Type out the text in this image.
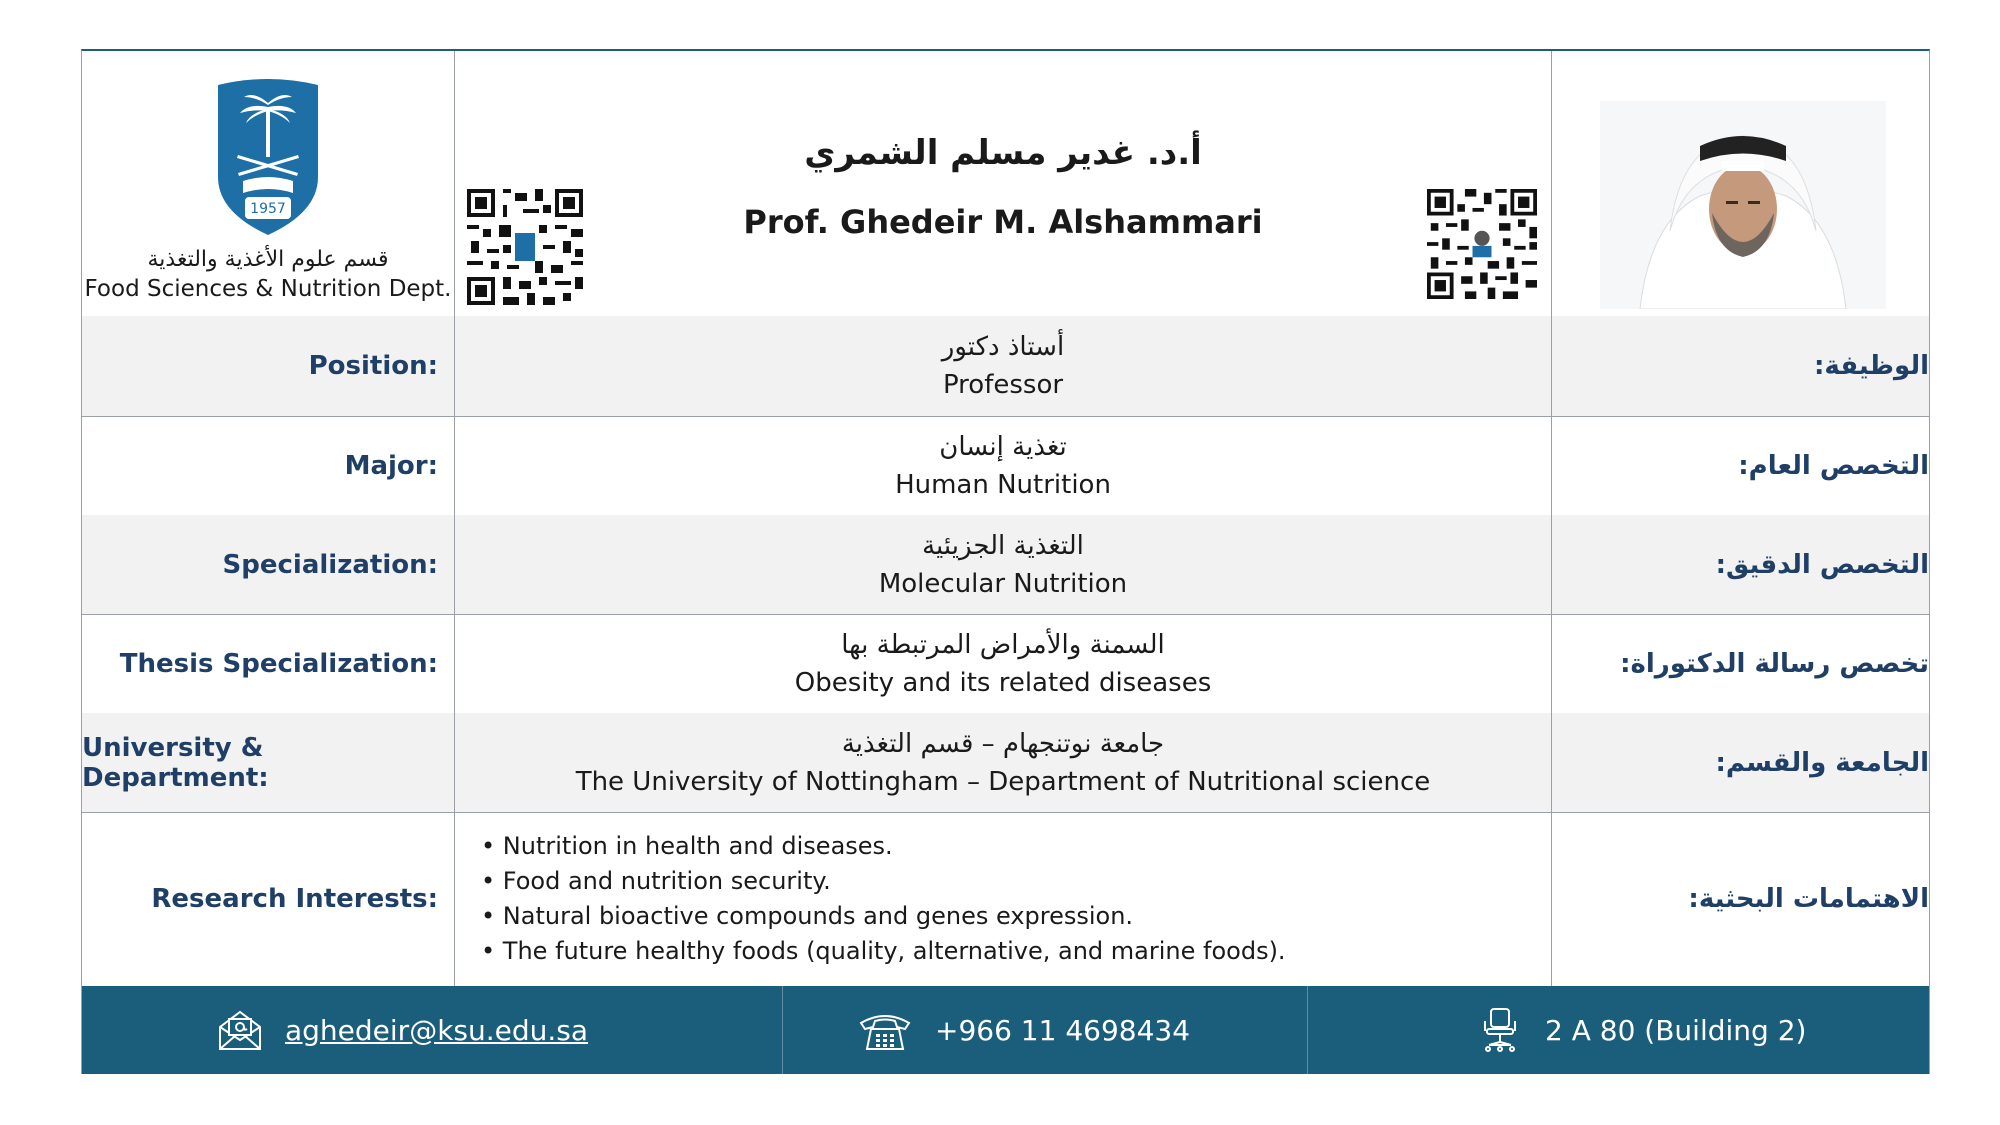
1957
قسم علوم الأغذية والتغذية
Food Sciences & Nutrition Dept.
أ.د. غدير مسلم الشمري
Prof. Ghedeir M. Alshammari
Position:
أستاذ دكتور
Professor
الوظيفة:
Major:
تغذية إنسان
Human Nutrition
التخصص العام:
Specialization:
التغذية الجزيئية
Molecular Nutrition
التخصص الدقيق:
Thesis Specialization:
السمنة والأمراض المرتبطة بها
Obesity and its related diseases
تخصص رسالة الدكتوراة:
University & Department:
جامعة نوتنجهام – قسم التغذية
The University of Nottingham – Department of Nutritional science
الجامعة والقسم:
Research Interests:
• Nutrition in health and diseases.
• Food and nutrition security.
• Natural bioactive compounds and genes expression.
• The future healthy foods (quality, alternative, and marine foods).
الاهتمامات البحثية:
aghedeir@ksu.edu.sa	+966 11 4698434	2 A 80 (Building 2)
